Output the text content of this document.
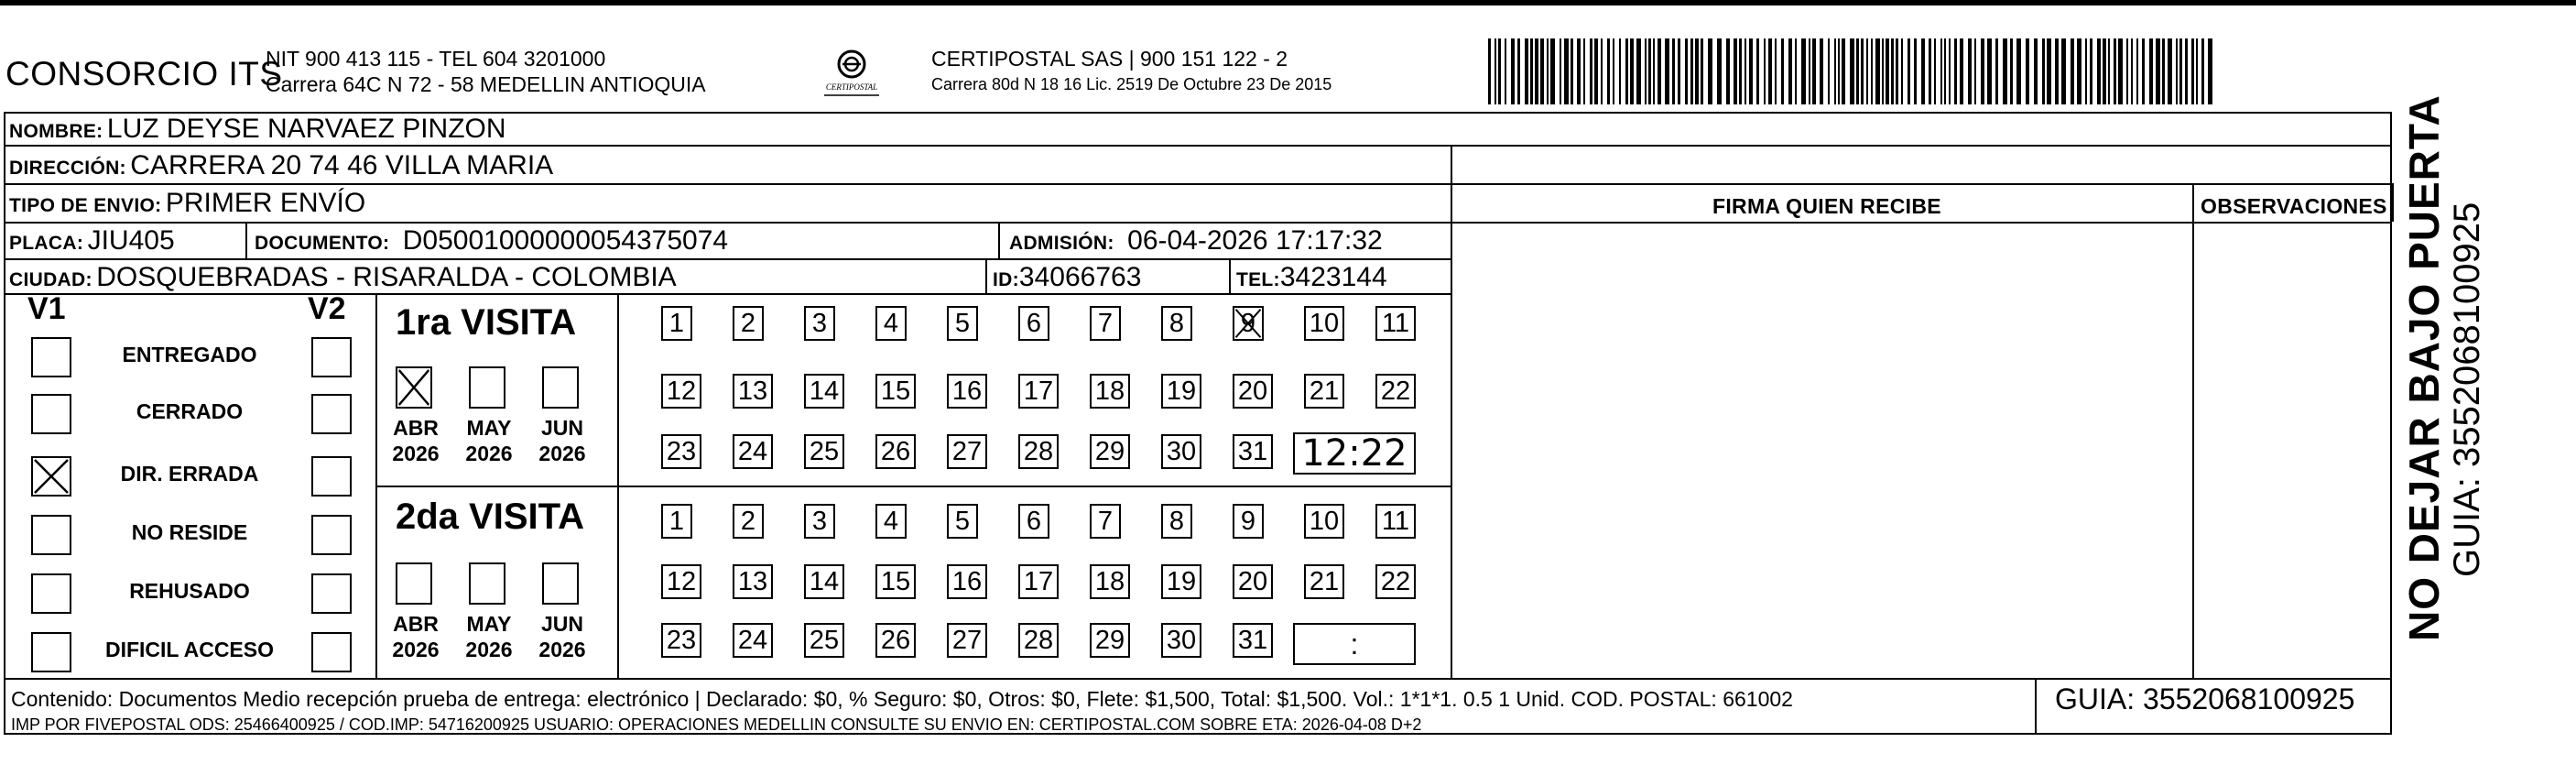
CONSORCIO ITS
NIT 900 413 115 - TEL 604 3201000
Carrera 64C N 72 - 58 MEDELLIN ANTIOQUIA	CERTIPOSTAL
CERTIPOSTAL SAS | 900 151 122 - 2
Carrera 80d N 18 16 Lic. 2519 De Octubre 23 De 2015
NOMBRE: LUZ DEYSE NARVAEZ PINZON
DIRECCIÓN: CARRERA 20 74 46 VILLA MARIA
TIPO DE ENVIO: PRIMER ENVÍO	FIRMA QUIEN RECIBE	OBSERVACIONES
PLACA: JIU405	DOCUMENTO: D05001000000054375074	ADMISIÓN: 06-04-2026 17:17:32
CIUDAD: DOSQUEBRADAS - RISARALDA - COLOMBIA	ID:34066763	TEL:3423144
V1	V2 1ra VISITA
12:22
2da VISITA
:
Contenido: Documentos Medio recepción prueba de entrega: electrónico | Declarado: $0, % Seguro: $0, Otros: $0, Flete: $1,500, Total: $1,500. Vol.: 1*1*1. 0.5 1 Unid. COD. POSTAL: 661002
IMP POR FIVEPOSTAL ODS: 25466400925 / COD.IMP: 54716200925 USUARIO: OPERACIONES MEDELLIN CONSULTE SU ENVIO EN: CERTIPOSTAL.COM SOBRE ETA: 2026-04-08 D+2
GUIA: 3552068100925
NO DEJAR BAJO PUERTA GUIA: 3552068100925
ENTREGADO
CERRADO
DIR. ERRADA
NO RESIDE
REHUSADO
DIFICIL ACCESO
ABR
2026
MAY
2026
JUN
2026
ABR
2026
MAY
2026
JUN
2026
1	2	3	4	5	6	7	8	9	10 11
12 13 14 15 16 17 18 19 20 21 22
23 24 25 26 27 28 29 30 31
1	2	3	4	5	6	7	8	9	10 11
12 13 14 15 16 17 18 19 20 21 22
23 24 25 26 27 28 29 30 31
